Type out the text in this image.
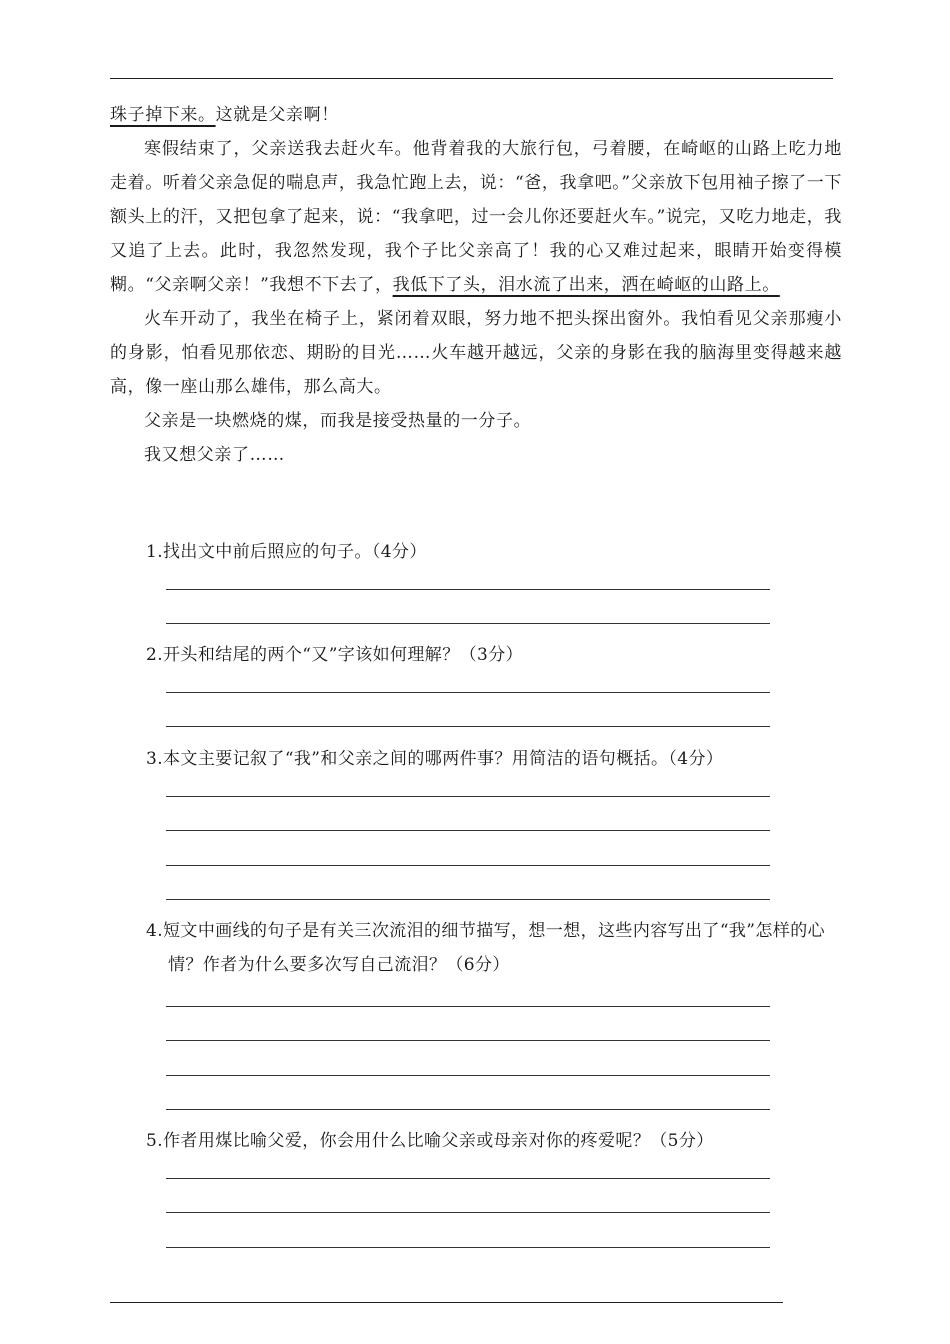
珠子掉下来。这就是父亲啊！

寒假结束了，父亲送我去赶火车。他背着我的大旅行包，弓着腰，在崎岖的山路上吃力地走着。听着父亲急促的喘息声，我急忙跑上去，说：“爸，我拿吧。”父亲放下包用袖子擦了一下额头上的汗，又把包拿了起来，说：“我拿吧，过一会儿你还要赶火车。”说完，又吃力地走，我又追了上去。此时，我忽然发现，我个子比父亲高了！我的心又难过起来，眼睛开始变得模糊。“父亲啊父亲！”我想不下去了，我低下了头，泪水流了出来，洒在崎岖的山路上。

火车开动了，我坐在椅子上，紧闭着双眼，努力地不把头探出窗外。我怕看见父亲那瘦小的身影，怕看见那依恋、期盼的目光……火车越开越远，父亲的身影在我的脑海里变得越来越高，像一座山那么雄伟，那么高大。

父亲是一块燃烧的煤，而我是接受热量的一分子。

我又想父亲了……

1.找出文中前后照应的句子。（4分）

2.开头和结尾的两个“又”字该如何理解？（3分）

3.本文主要记叙了“我”和父亲之间的哪两件事？用简洁的语句概括。（4分）

4.短文中画线的句子是有关三次流泪的细节描写，想一想，这些内容写出了“我”怎样的心情？作者为什么要多次写自己流泪？（6分）

5.作者用煤比喻父爱，你会用什么比喻父亲或母亲对你的疼爱呢？（5分）
